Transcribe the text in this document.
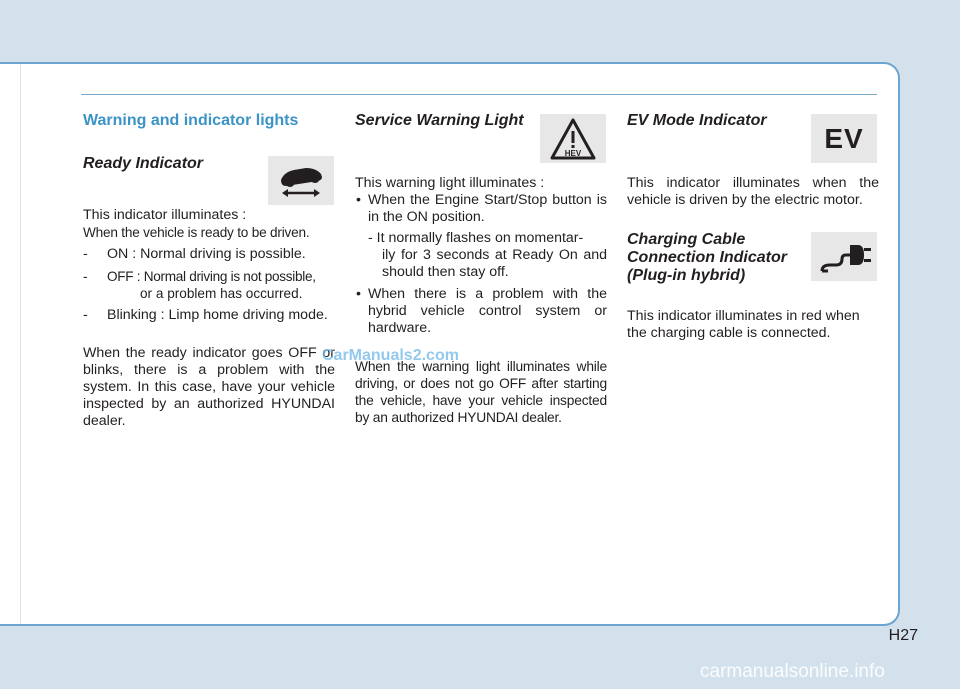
Warning and indicator lights

Ready Indicator

This indicator illuminates :

When the vehicle is ready to be driven.

- ON : Normal driving is possible.
- OFF : Normal driving is not possible,
or a problem has occurred.
- Blinking : Limp home driving mode.

When the ready indicator goes OFF or blinks, there is a problem with the system. In this case, have your vehicle inspected by an authorized HYUNDAI dealer.

Service Warning Light

This warning light illuminates :

• When the Engine Start/Stop button is in the ON position.
- It normally flashes on momentar-
ily for 3 seconds at Ready On and should then stay off.
• When there is a problem with the hybrid vehicle control system or hardware.

When the warning light illuminates while driving, or does not go OFF after starting the vehicle, have your vehicle inspected by an authorized HYUNDAI dealer.

HEV

EV Mode Indicator

This indicator illuminates when the vehicle is driven by the electric motor.

Charging Cable

Connection Indicator

(Plug-in hybrid)

This indicator illuminates in red when the charging cable is connected.

EV
H27
CarManuals2.com
carmanualsonline.info
